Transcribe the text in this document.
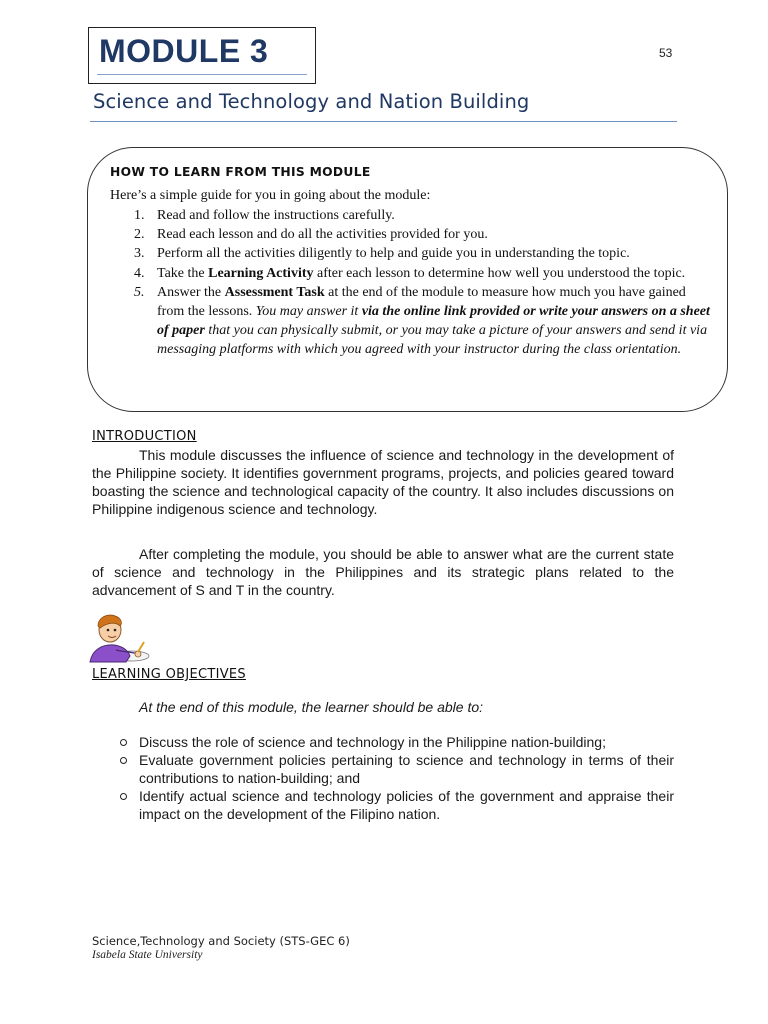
MODULE 3	53
Science and Technology and Nation Building
HOW TO LEARN FROM THIS MODULE
Here’s a simple guide for you in going about the module:
1. Read and follow the instructions carefully.
2. Read each lesson and do all the activities provided for you.
3. Perform all the activities diligently to help and guide you in understanding the topic.
4. Take the Learning Activity after each lesson to determine how well you understood the topic.
5. Answer the Assessment Task at the end of the module to measure how much you have gained from the lessons. You may answer it via the online link provided or write your answers on a sheet of paper that you can physically submit, or you may take a picture of your answers and send it via messaging platforms with which you agreed with your instructor during the class orientation.
INTRODUCTION

This module discusses the influence of science and technology in the development of the Philippine society. It identifies government programs, projects, and policies geared toward boasting the science and technological capacity of the country. It also includes discussions on Philippine indigenous science and technology.

After completing the module, you should be able to answer what are the current state of science and technology in the Philippines and its strategic plans related to the advancement of S and T in the country.

LEARNING OBJECTIVES

At the end of this module, the learner should be able to:

Discuss the role of science and technology in the Philippine nation-building;
Evaluate government policies pertaining to science and technology in terms of their contributions to nation-building; and
Identify actual science and technology policies of the government and appraise their impact on the development of the Filipino nation.
Science,Technology and Society (STS-GEC 6)
Isabela State University
